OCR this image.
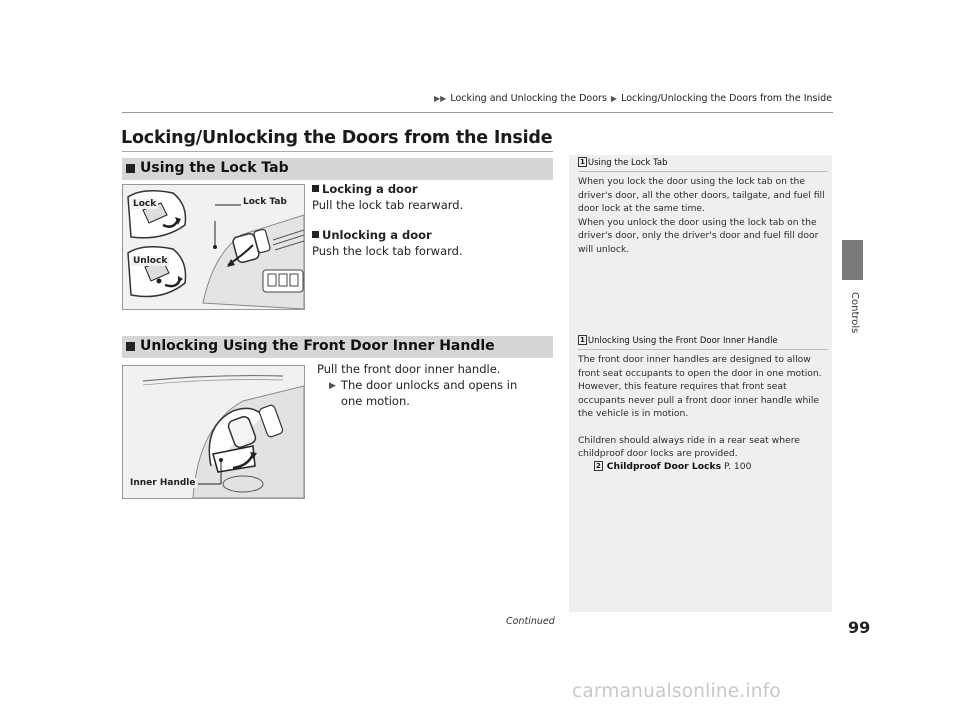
▶▶ Locking and Unlocking the Doors ▶ Locking/Unlocking the Doors from the Inside
Locking/Unlocking the Doors from the Inside
Controls
Using the Lock Tab
Lock	Lock Tab
Unlock
Locking a door
Pull the lock tab rearward.
Unlocking a door
Push the lock tab forward.
Unlocking Using the Front Door Inner Handle
Inner Handle
Pull the front door inner handle.
▶ The door unlocks and opens in one motion.
1 Using the Lock Tab
When you lock the door using the lock tab on the
driver's door, all the other doors, tailgate, and fuel fill
door lock at the same time.
When you unlock the door using the lock tab on the
driver's door, only the driver's door and fuel fill door
will unlock.
1 Unlocking Using the Front Door Inner Handle
The front door inner handles are designed to allow
front seat occupants to open the door in one motion.
However, this feature requires that front seat
occupants never pull a front door inner handle while
the vehicle is in motion.
Children should always ride in a rear seat where
childproof door locks are provided.
2 Childproof Door Locks P. 100
Continued	99
carmanualsonline.info
